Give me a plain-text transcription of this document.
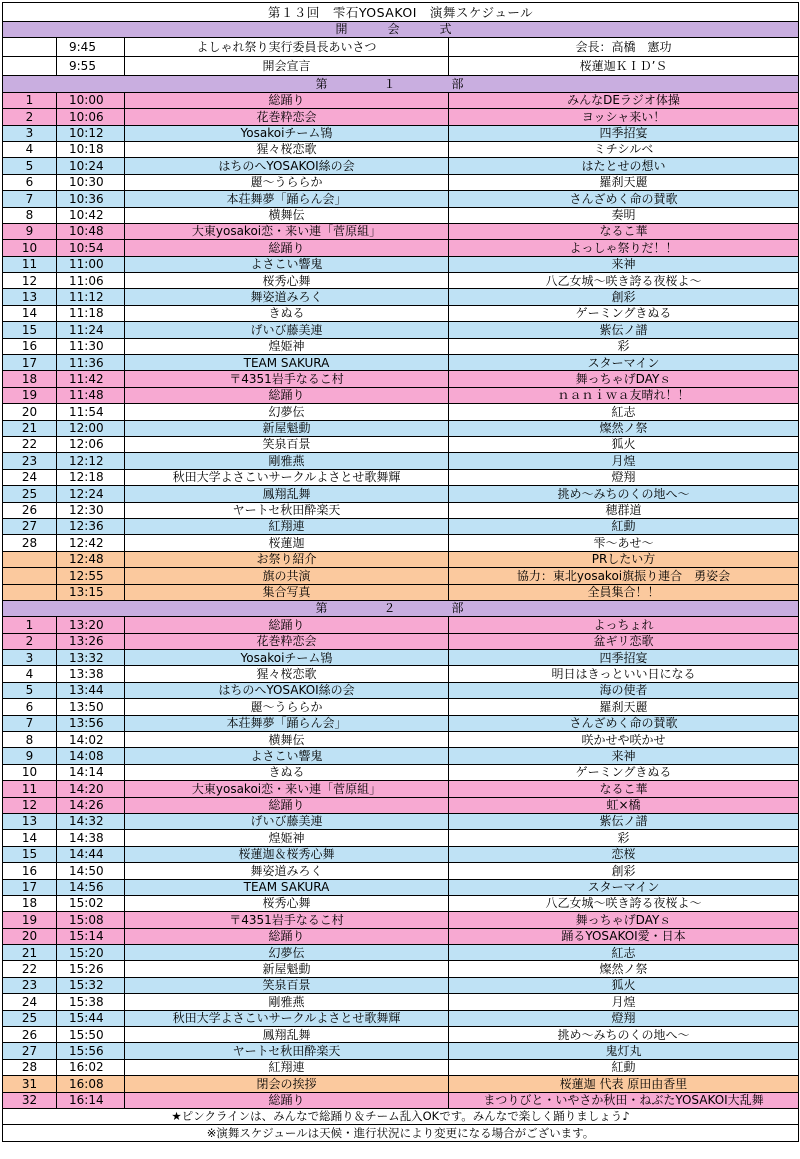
第１３回　雫石YOSAKOI　演舞スケジュール			
開　会　式			
	9:45	よしゃれ祭り実行委員長あいさつ	会長：高橋　憲功
	9:55	開会宣言	桜蓮迦ＫＩＤ’Ｓ
第　１　部			
1	10:00	総踊り	みんなDEラジオ体操
2	10:06	花巻粋恋会	ヨッシャ来い！
3	10:12	Yosakoiチーム鴇	四季招宴
4	10:18	猩々桜恋歌	ミチシルベ
5	10:24	はちのへYOSAKOI絲の会	はたとせの想い
6	10:30	麗～うららか	羅刹天麗
7	10:36	本荘舞夢「踊らん会」	さんざめく命の賛歌
8	10:42	横舞伝	奏明
9	10:48	大東yosakoi恋・来い連「菅原組」	なるこ華
10	10:54	総踊り	よっしゃ祭りだ！！
11	11:00	よさこい響鬼	来神
12	11:06	桜秀心舞	八乙女城～咲き誇る夜桜よ～
13	11:12	舞姿道みろく	創彩
14	11:18	きぬる	ゲーミングきぬる
15	11:24	げいび藤美連	紫伝ノ譜
16	11:30	煌姫神	彩
17	11:36	TEAM SAKURA	スターマイン
18	11:42	〒4351岩手なるこ村	舞っちゃげDAYｓ
19	11:48	総踊り	ｎａｎｉｗａ友晴れ！！
20	11:54	幻夢伝	紅志
21	12:00	新屋魁動	燦然ノ祭
22	12:06	笑泉百景	狐火
23	12:12	剛雅燕	月煌
24	12:18	秋田大学よさこいサークルよさとせ歌舞輝	燈翔
25	12:24	鳳翔乱舞	挑め～みちのくの地へ～
26	12:30	ヤートセ秋田酔楽天	穂群道
27	12:36	紅翔連	紅動
28	12:42	桜蓮迦	雫～あせ～
	12:48	お祭り紹介	PRしたい方
	12:55	旗の共演	協力：東北yosakoi旗振り連合　勇姿会
	13:15	集合写真	全員集合！！
第　２　部			
1	13:20	総踊り	よっちょれ
2	13:26	花巻粋恋会	盆ギリ恋歌
3	13:32	Yosakoiチーム鴇	四季招宴
4	13:38	猩々桜恋歌	明日はきっといい日になる
5	13:44	はちのへYOSAKOI絲の会	海の使者
6	13:50	麗～うららか	羅刹天麗
7	13:56	本荘舞夢「踊らん会」	さんざめく命の賛歌
8	14:02	横舞伝	咲かせや咲かせ
9	14:08	よさこい響鬼	来神
10	14:14	きぬる	ゲーミングきぬる
11	14:20	大東yosakoi恋・来い連「菅原組」	なるこ華
12	14:26	総踊り	虹×橋
13	14:32	げいび藤美連	紫伝ノ譜
14	14:38	煌姫神	彩
15	14:44	桜蓮迦＆桜秀心舞	恋桜
16	14:50	舞姿道みろく	創彩
17	14:56	TEAM SAKURA	スターマイン
18	15:02	桜秀心舞	八乙女城～咲き誇る夜桜よ～
19	15:08	〒4351岩手なるこ村	舞っちゃげDAYｓ
20	15:14	総踊り	踊るYOSAKOI愛・日本
21	15:20	幻夢伝	紅志
22	15:26	新屋魁動	燦然ノ祭
23	15:32	笑泉百景	狐火
24	15:38	剛雅燕	月煌
25	15:44	秋田大学よさこいサークルよさとせ歌舞輝	燈翔
26	15:50	鳳翔乱舞	挑め～みちのくの地へ～
27	15:56	ヤートセ秋田酔楽天	鬼灯丸
28	16:02	紅翔連	紅動
31	16:08	閉会の挨拶	桜蓮迦 代表 原田由香里
32	16:14	総踊り	まつりびと・いやさか秋田・ねぶたYOSAKOI大乱舞
★ピンクラインは、みんなで総踊り＆チーム乱入OKです。みんなで楽しく踊りましょう♪			
※演舞スケジュールは天候・進行状況により変更になる場合がございます。			
